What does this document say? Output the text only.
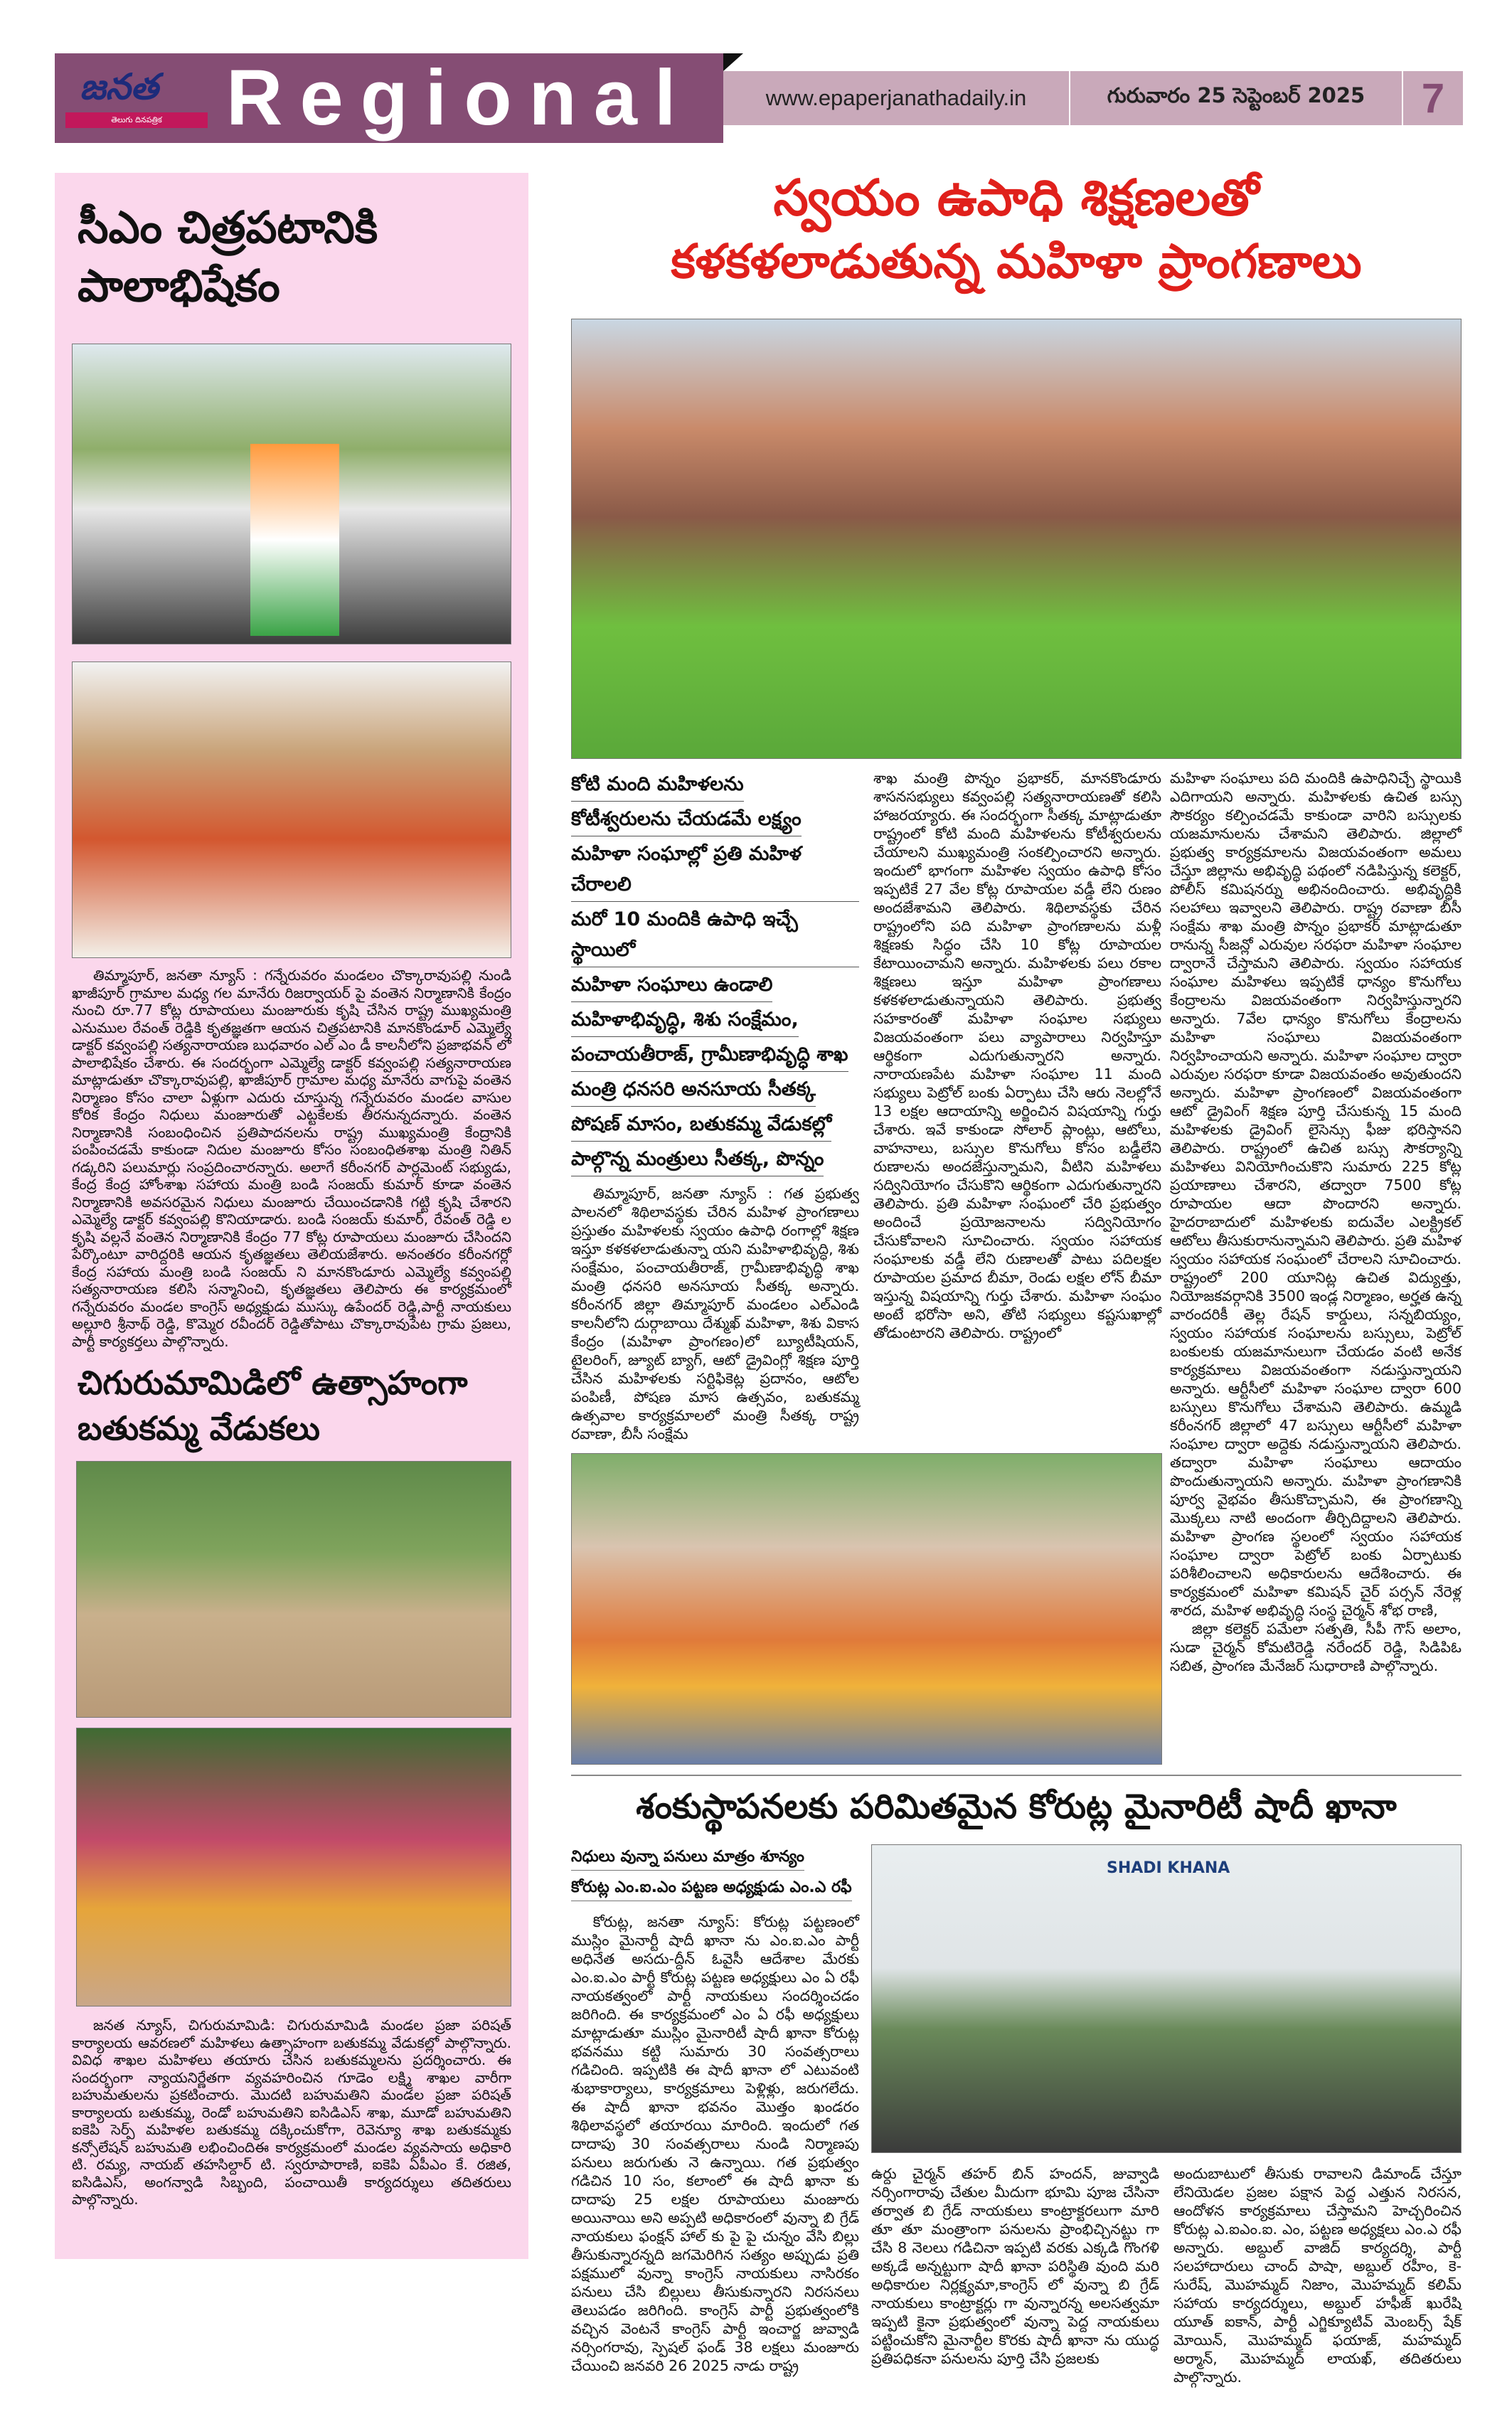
జనత
తెలుగు దినపత్రిక Regional	www.epaperjanathadaily.in	గురువారం 25 సెప్టెంబర్ 2025	7
సీఎం చిత్రపటానికి పాలాభిషేకం

తిమ్మాపూర్, జనతా న్యూస్ : గన్నేరువరం మండలం చొక్కారావుపల్లి నుండి ఖాజీపూర్ గ్రామాల మధ్య గల మానేరు రిజర్వాయర్ పై వంతెన నిర్మాణానికి కేంద్రం నుంచి రూ.77 కోట్ల రూపాయలు మంజూరుకు కృషి చేసిన రాష్ట్ర ముఖ్యమంత్రి ఎనుముల రేవంత్ రెడ్డికి కృతజ్ఞతగా ఆయన చిత్రపటానికి మానకొండూర్ ఎమ్మెల్యే డాక్టర్ కవ్వంపల్లి సత్యనారాయణ బుధవారం ఎల్ ఎం డీ కాలనీలోని ప్రజాభవన్ లో పాలాభిషేకం చేశారు. ఈ సందర్భంగా ఎమ్మెల్యే డాక్టర్ కవ్వంపల్లి సత్యనారాయణ మాట్లాడుతూ చొక్కారావుపల్లి, ఖాజీపూర్ గ్రామాల మధ్య మానేరు వాగుపై వంతెన నిర్మాణం కోసం చాలా ఏళ్లుగా ఎదురు చూస్తున్న గన్నేరువరం మండల వాసుల కోరిక కేంద్రం నిధులు మంజూరుతో ఎట్టకేలకు తీరనున్నదన్నారు. వంతెన నిర్మాణానికి సంబంధించిన ప్రతిపాదనలను రాష్ట్ర ముఖ్యమంత్రి కేంద్రానికి పంపించడమే కాకుండా నిదుల మంజూరు కోసం సంబంధితశాఖ మంత్రి నితిన్ గడ్కరిని పలుమార్లు సంప్రదించారన్నారు. అలాగే కరీంనగర్ పార్లమెంట్ సభ్యుడు, కేంద్ర కేంద్ర హోంశాఖ సహాయ మంత్రి బండి సంజయ్ కుమార్ కూడా వంతెన నిర్మాణానికి అవసరమైన నిధులు మంజూరు చేయించడానికి గట్టి కృషి చేశారని ఎమ్మెల్యే డాక్టర్ కవ్వంపల్లి కొనియాడారు. బండి సంజయ్ కుమార్, రేవంత్ రెడ్డి ల కృషి వల్లనే వంతెన నిర్మాణానికి కేంద్రం 77 కోట్ల రూపాయలు మంజూరు చేసిందని పేర్కొంటూ వారిద్దరికి ఆయన కృతజ్ఞతలు తెలియజేశారు. అనంతరం కరీంనగర్లో కేంద్ర సహాయ మంత్రి బండి సంజయ్ ని మానకొండూరు ఎమ్మెల్యే కవ్వంపల్లి సత్యనారాయణ కలిసి సన్మానించి, కృతజ్ఞతలు తెలిపారు ఈ కార్యక్రమంలో గన్నేరువరం మండల కాంగ్రెస్ అధ్యక్షుడు ముస్కు ఉపేందర్ రెడ్డి,పార్టీ నాయకులు అల్లూరి శ్రీనాథ్ రెడ్డి, కొమ్మెర రవీందర్ రెడ్డితోపాటు చొక్కారావుపేట గ్రామ ప్రజలు, పార్టీ కార్యకర్తలు పాల్గొన్నారు.

చిగురుమామిడిలో ఉత్సాహంగా బతుకమ్మ వేడుకలు

జనత న్యూస్, చిగురుమామిడి: చిగురుమామిడి మండల ప్రజా పరిషత్ కార్యాలయ ఆవరణలో మహిళలు ఉత్సాహంగా బతుకమ్మ వేడుకల్లో పాల్గొన్నారు. వివిధ శాఖల మహిళలు తయారు చేసిన బతుకమ్మలను ప్రదర్శించారు. ఈ సందర్భంగా న్యాయనిర్ణేతగా వ్యవహరించిన గూడెం లక్ష్మి శాఖల వారీగా బహుమతులను ప్రకటించారు. మొదటి బహుమతిని మండల ప్రజా పరిషత్ కార్యాలయ బతుకమ్మ, రెండో బహుమతిని ఐసిడిఎస్ శాఖ, మూడో బహుమతిని ఐకెపి సెర్ప్ మహిళల బతుకమ్మ దక్కించుకోగా, రెవెన్యూ శాఖ బతుకమ్మకు కన్సోలేషన్ బహుమతి లభించిందిఈ కార్యక్రమంలో మండల వ్యవసాయ అధికారి టి. రమ్య, నాయబ్ తహసిల్దార్ టి. స్వరూపారాణి, ఐకెపి ఏపీఎం కే. రజిత, ఐసిడిఎస్, అంగన్వాడి సిబ్బంది, పంచాయితీ కార్యదర్శులు తదితరులు పాల్గొన్నారు.

స్వయం ఉపాధి శిక్షణలతో
కళకళలాడుతున్న మహిళా ప్రాంగణాలు
కోటి మంది మహిళలను
కోటీశ్వరులను చేయడమే లక్ష్యం
మహిళా సంఘాల్లో ప్రతి మహిళ చేరాలలి
మరో 10 మందికి ఉపాధి ఇచ్చే స్థాయిలో
మహిళా సంఘాలు ఉండాలి
మహిళాభివృద్ధి, శిశు సంక్షేమం,
పంచాయతీరాజ్, గ్రామీణాభివృద్ధి శాఖ
మంత్రి ధనసరి అనసూయ సీతక్క
పోషణ్ మాసం, బతుకమ్మ వేడుకల్లో
పాల్గొన్న మంత్రులు సీతక్క, పొన్నం

తిమ్మాపూర్, జనతా న్యూస్ : గత ప్రభుత్వ పాలనలో శిథిలావస్థకు చేరిన మహిళ ప్రాంగణాలు ప్రస్తుతం మహిళలకు స్వయం ఉపాధి రంగాల్లో శిక్షణ ఇస్తూ కళకళలాడుతున్నా యని మహిళాభివృద్ధి, శిశు సంక్షేమం, పంచాయతీరాజ్, గ్రామీణాభివృద్ధి శాఖ మంత్రి ధనసరి అనసూయ సీతక్క అన్నారు. కరీంనగర్ జిల్లా తిమ్మాపూర్ మండలం ఎల్ఎండి కాలనీలోని దుర్గాబాయి దేశ్ముఖ్ మహిళా, శిశు వికాస కేంద్రం (మహిళా ప్రాంగణం)లో బ్యూటీషియన్, టైలరింగ్, జ్యూట్ బ్యాగ్, ఆటో డ్రైవింగ్లో శిక్షణ పూర్తి చేసిన మహిళలకు సర్టిఫికెట్ల ప్రదానం, ఆటోల పంపిణీ, పోషణ మాస ఉత్సవం, బతుకమ్మ ఉత్సవాల కార్యక్రమాలలో మంత్రి సీతక్క రాష్ట్ర రవాణా, బీసీ సంక్షేమ

శాఖ మంత్రి పొన్నం ప్రభాకర్, మానకొండూరు శాసనసభ్యులు కవ్వంపల్లి సత్యనారాయణతో కలిసి హాజరయ్యారు. ఈ సందర్భంగా సీతక్క మాట్లాడుతూ రాష్ట్రంలో కోటి మంది మహిళలను కోటీశ్వరులను చేయాలని ముఖ్యమంత్రి సంకల్పించారని అన్నారు. ఇందులో భాగంగా మహిళల స్వయం ఉపాధి కోసం ఇప్పటికే 27 వేల కోట్ల రూపాయల వడ్డీ లేని రుణం అందజేశామని తెలిపారు. శిథిలావస్థకు చేరిన రాష్ట్రంలోని పది మహిళా ప్రాంగణాలను మళ్లీ శిక్షణకు సిద్ధం చేసి 10 కోట్ల రూపాయల కేటాయించామని అన్నారు. మహిళలకు పలు రకాల శిక్షణలు ఇస్తూ మహిళా ప్రాంగణాలు కళకళలాడుతున్నాయని తెలిపారు. ప్రభుత్వ సహకారంతో మహిళా సంఘాల సభ్యులు విజయవంతంగా పలు వ్యాపారాలు నిర్వహిస్తూ ఆర్థికంగా ఎదుగుతున్నారని అన్నారు. నారాయణపేట మహిళా సంఘాల 11 మంది సభ్యులు పెట్రోల్ బంకు ఏర్పాటు చేసి ఆరు నెలల్లోనే 13 లక్షల ఆదాయాన్ని అర్జించిన విషయాన్ని గుర్తు చేశారు. ఇవే కాకుండా సోలార్ ప్లాంట్లు, ఆటోలు, వాహనాలు, బస్సుల కొనుగోలు కోసం బడ్డీలేని రుణాలను అందజేస్తున్నామని, వీటిని మహిళలు సద్వినియోగం చేసుకొని ఆర్థికంగా ఎదుగుతున్నారని తెలిపారు. ప్రతి మహిళా సంఘంలో చేరి ప్రభుత్వం అందించే ప్రయోజనాలను సద్వినియోగం చేసుకోవాలని సూచించారు. స్వయం సహాయక సంఘాలకు వడ్డీ లేని రుణాలతో పాటు పదిలక్షల రూపాయల ప్రమాద బీమా, రెండు లక్షల లోన్ బీమా ఇస్తున్న విషయాన్ని గుర్తు చేశారు. మహిళా సంఘం అంటే భరోసా అని, తోటి సభ్యులు కష్టసుఖాల్లో తోడుంటారని తెలిపారు. రాష్ట్రంలో

మహిళా సంఘాలు పది మందికి ఉపాధినిచ్చే స్థాయికి ఎదిగాయని అన్నారు. మహిళలకు ఉచిత బస్సు సౌకర్యం కల్పించడమే కాకుండా వారిని బస్సులకు యజమానులను చేశామని తెలిపారు. జిల్లాలో ప్రభుత్వ కార్యక్రమాలను విజయవంతంగా అమలు చేస్తూ జిల్లాను అభివృద్ధి పథంలో నడిపిస్తున్న కలెక్టర్, పోలీస్ కమిషనర్ను అభినందించారు. అభివృద్ధికి సలహాలు ఇవ్వాలని తెలిపారు. రాష్ట్ర రవాణా బీసీ సంక్షేమ శాఖ మంత్రి పొన్నం ప్రభాకర్ మాట్లాడుతూ రానున్న సీజన్లో ఎరువుల సరఫరా మహిళా సంఘాల ద్వారానే చేస్తామని తెలిపారు. స్వయం సహాయక సంఘాల మహిళలు ఇప్పటికే ధాన్యం కొనుగోలు కేంద్రాలను విజయవంతంగా నిర్వహిస్తున్నారని అన్నారు. 7వేల ధాన్యం కొనుగోలు కేంద్రాలను మహిళా సంఘాలు విజయవంతంగా నిర్వహించాయని అన్నారు. మహిళా సంఘాల ద్వారా ఎరువుల సరఫరా కూడా విజయవంతం అవుతుందని అన్నారు. మహిళా ప్రాంగణంలో విజయవంతంగా ఆటో డ్రైవింగ్ శిక్షణ పూర్తి చేసుకున్న 15 మంది మహిళలకు డ్రైవింగ్ లైసెన్సు ఫీజు భరిస్తానని తెలిపారు. రాష్ట్రంలో ఉచిత బస్సు సౌకర్యాన్ని మహిళలు వినియోగించుకొని సుమారు 225 కోట్ల ప్రయాణాలు చేశారని, తద్వారా 7500 కోట్ల రూపాయల ఆదా పొందారని అన్నారు. హైదరాబాదులో మహిళలకు ఐదువేల ఎలక్ట్రికల్ ఆటోలు తీసుకురానున్నామని తెలిపారు. ప్రతి మహిళ స్వయం సహాయక సంఘంలో చేరాలని సూచించారు. రాష్ట్రంలో 200 యూనిట్ల ఉచిత విద్యుత్తు, నియోజకవర్గానికి 3500 ఇండ్ల నిర్మాణం, అర్హత ఉన్న వారందరికీ తెల్ల రేషన్ కార్డులు, సన్నబియ్యం, స్వయం సహాయక సంఘాలను బస్సులు, పెట్రోల్ బంకులకు యజమానులుగా చేయడం వంటి అనేక కార్యక్రమాలు విజయవంతంగా నడుస్తున్నాయని అన్నారు. ఆర్టీసీలో మహిళా సంఘాల ద్వారా 600 బస్సులు కొనుగోలు చేశామని తెలిపారు. ఉమ్మడి కరీంనగర్ జిల్లాలో 47 బస్సులు ఆర్టీసీలో మహిళా సంఘాల ద్వారా అద్దెకు నడుస్తున్నాయని తెలిపారు. తద్వారా మహిళా సంఘాలు ఆదాయం పొందుతున్నాయని అన్నారు. మహిళా ప్రాంగణానికి పూర్వ వైభవం తీసుకొచ్చామని, ఈ ప్రాంగణాన్ని మొక్కలు నాటి అందంగా తీర్చిదిద్దాలని తెలిపారు. మహిళా ప్రాంగణ స్థలంలో స్వయం సహాయక సంఘాల ద్వారా పెట్రోల్ బంకు ఏర్పాటుకు పరిశీలించాలని అధికారులను ఆదేశించారు. ఈ కార్యక్రమంలో మహిళా కమిషన్ చైర్ పర్సన్ నేరెళ్ల శారద, మహిళ అభివృద్ధి సంస్థ చైర్మన్ శోభ రాణి,

జిల్లా కలెక్టర్ పమేలా సత్పతి, సీపీ గౌస్ అలాం, సుడా చైర్మన్ కోమటిరెడ్డి నరేందర్ రెడ్డి, సిడిపిఓ సబిత, ప్రాంగణ మేనేజర్ సుధారాణి పాల్గొన్నారు.

శంకుస్థాపనలకు పరిమితమైన కోరుట్ల మైనారిటీ షాదీ ఖానా
నిధులు వున్నా పనులు మాత్రం శూన్యం
కోరుట్ల ఎం.ఐ.ఎం పట్టణ అధ్యక్షుడు ఎం.ఎ రఫీ

కోరుట్ల, జనతా న్యూస్: కోరుట్ల పట్టణంలో ముస్లిం మైనార్టీ షాదీ ఖానా ను ఎం.ఐ.ఎం పార్టీ అధినేత అసదు-ద్దీన్ ఓవైసీ ఆదేశాల మేరకు ఎం.ఐ.ఎం పార్టీ కోరుట్ల పట్టణ అధ్యక్షులు ఎం ఏ రఫీ నాయకత్వంలో పార్టీ నాయకులు సందర్శించడం జరిగింది. ఈ కార్యక్రమంలో ఎం ఏ రఫీ అధ్యక్షులు మాట్లాడుతూ ముస్లిం మైనారిటీ షాదీ ఖానా కోరుట్ల భవనము కట్టి సుమారు 30 సంవత్సరాలు గడిచింది. ఇప్పటికి ఈ షాదీ ఖానా లో ఎటువంటి శుభాకార్యాలు, కార్యక్రమాలు పెళ్లిళ్లు, జరుగలేదు. ఈ షాదీ ఖానా భవనం మొత్తం ఖండరం శిథిలావస్థలో తయారయి మారింది. ఇందులో గత దాదాపు 30 సంవత్సరాలు నుండి నిర్మాణపు పనులు జరుగుతు నె ఉన్నాయి. గత ప్రభుత్వం గడిచిన 10 సం, కలాంలో ఈ షాదీ ఖానా కు దాదాపు 25 లక్షల రూపాయలు మంజూరు అయినాయి అని అప్పటి అధికారంలో వున్నా బి గ్రేడ్ నాయకులు ఫంక్షన్ హాల్ కు పై పై చున్నం వేసి బిల్లు తీసుకున్నారన్నది జగమెరిగిన సత్యం అప్పుడు ప్రతి పక్షములో వున్నా కాంగ్రెస్ నాయకులు నాసిరకం పనులు చేసి బిల్లులు తీసుకున్నారని నిరసనలు తెలుపడం జరిగింది. కాంగ్రెస్ పార్టీ ప్రభుత్వంలోకి వచ్చిన వెంటనే కాంగ్రెస్ పార్టీ ఇంచార్జ జువ్వాడి నర్సింగరావు, స్పెషల్ ఫండ్ 38 లక్షలు మంజూరు చేయించి జనవరి 26 2025 నాడు రాష్ట్ర

SHADI KHANA

ఉర్దు చైర్మన్ తహర్ బిన్ హందన్, జువ్వాడి నర్సింగారావు చేతుల మీదుగా భూమి పూజ చేసినా తర్వాత బి గ్రేడ్ నాయకులు కాంట్రాక్టరలుగా మారి తూ తూ మంత్రాంగా పనులను ప్రాంభిచ్చినట్టు గా చేసి 8 నెలలు గడిచినా ఇప్పటి వరకు ఎక్కడి గొంగళి అక్కడే అన్నట్టుగా షాదీ ఖానా పరిస్థితి వుంది మరి అధికారుల నిర్లక్ష్యమా,కాంగ్రెస్ లో వున్నా బి గ్రేడ్ నాయకులు కాంట్రాక్టర్లు గా వున్నారన్న అలసత్వమా ఇప్పటి కైనా ప్రభుత్వంలో వున్నా పెద్ద నాయకులు పట్టించుకోని మైనార్టీల కొరకు షాదీ ఖానా ను యుద్ధ ప్రతిపధికనా పనులను పూర్తి చేసి ప్రజలకు

అందుబాటులో తీసుకు రావాలని డిమాండ్ చేస్తూ లేనియెడల ప్రజల పక్షాన పెద్ద ఎత్తున నిరసన, ఆందోళన కార్యక్రమాలు చేస్తామని హెచ్చరించిన కోరుట్ల ఎ.ఐఎం.ఐ. ఎం, పట్టణ అధ్యక్షలు ఎం.ఎ రఫీ అన్నారు. అబ్దుల్ వాజిద్ కార్యదర్శి, పార్టీ సలహాదారులు చాంద్ పాషా, అబ్దుల్ రహీం, కె- సురేష్, మొహమ్మద్ నిజాం, మొహమ్మద్ కలిమ్ సహాయ కార్యదర్శులు, అబ్దుల్ హఫీజ్ ఖురేషి యూత్ ఐకాన్, పార్టీ ఎగ్జిక్యూటివ్ మెంబర్స్ షేక్ మోయిన్, మొహమ్మద్ ఫయాజ్, మహమ్మద్ అర్మాన్, మొహమ్మద్ లాయఖ్, తదితరులు పాల్గొన్నారు.
